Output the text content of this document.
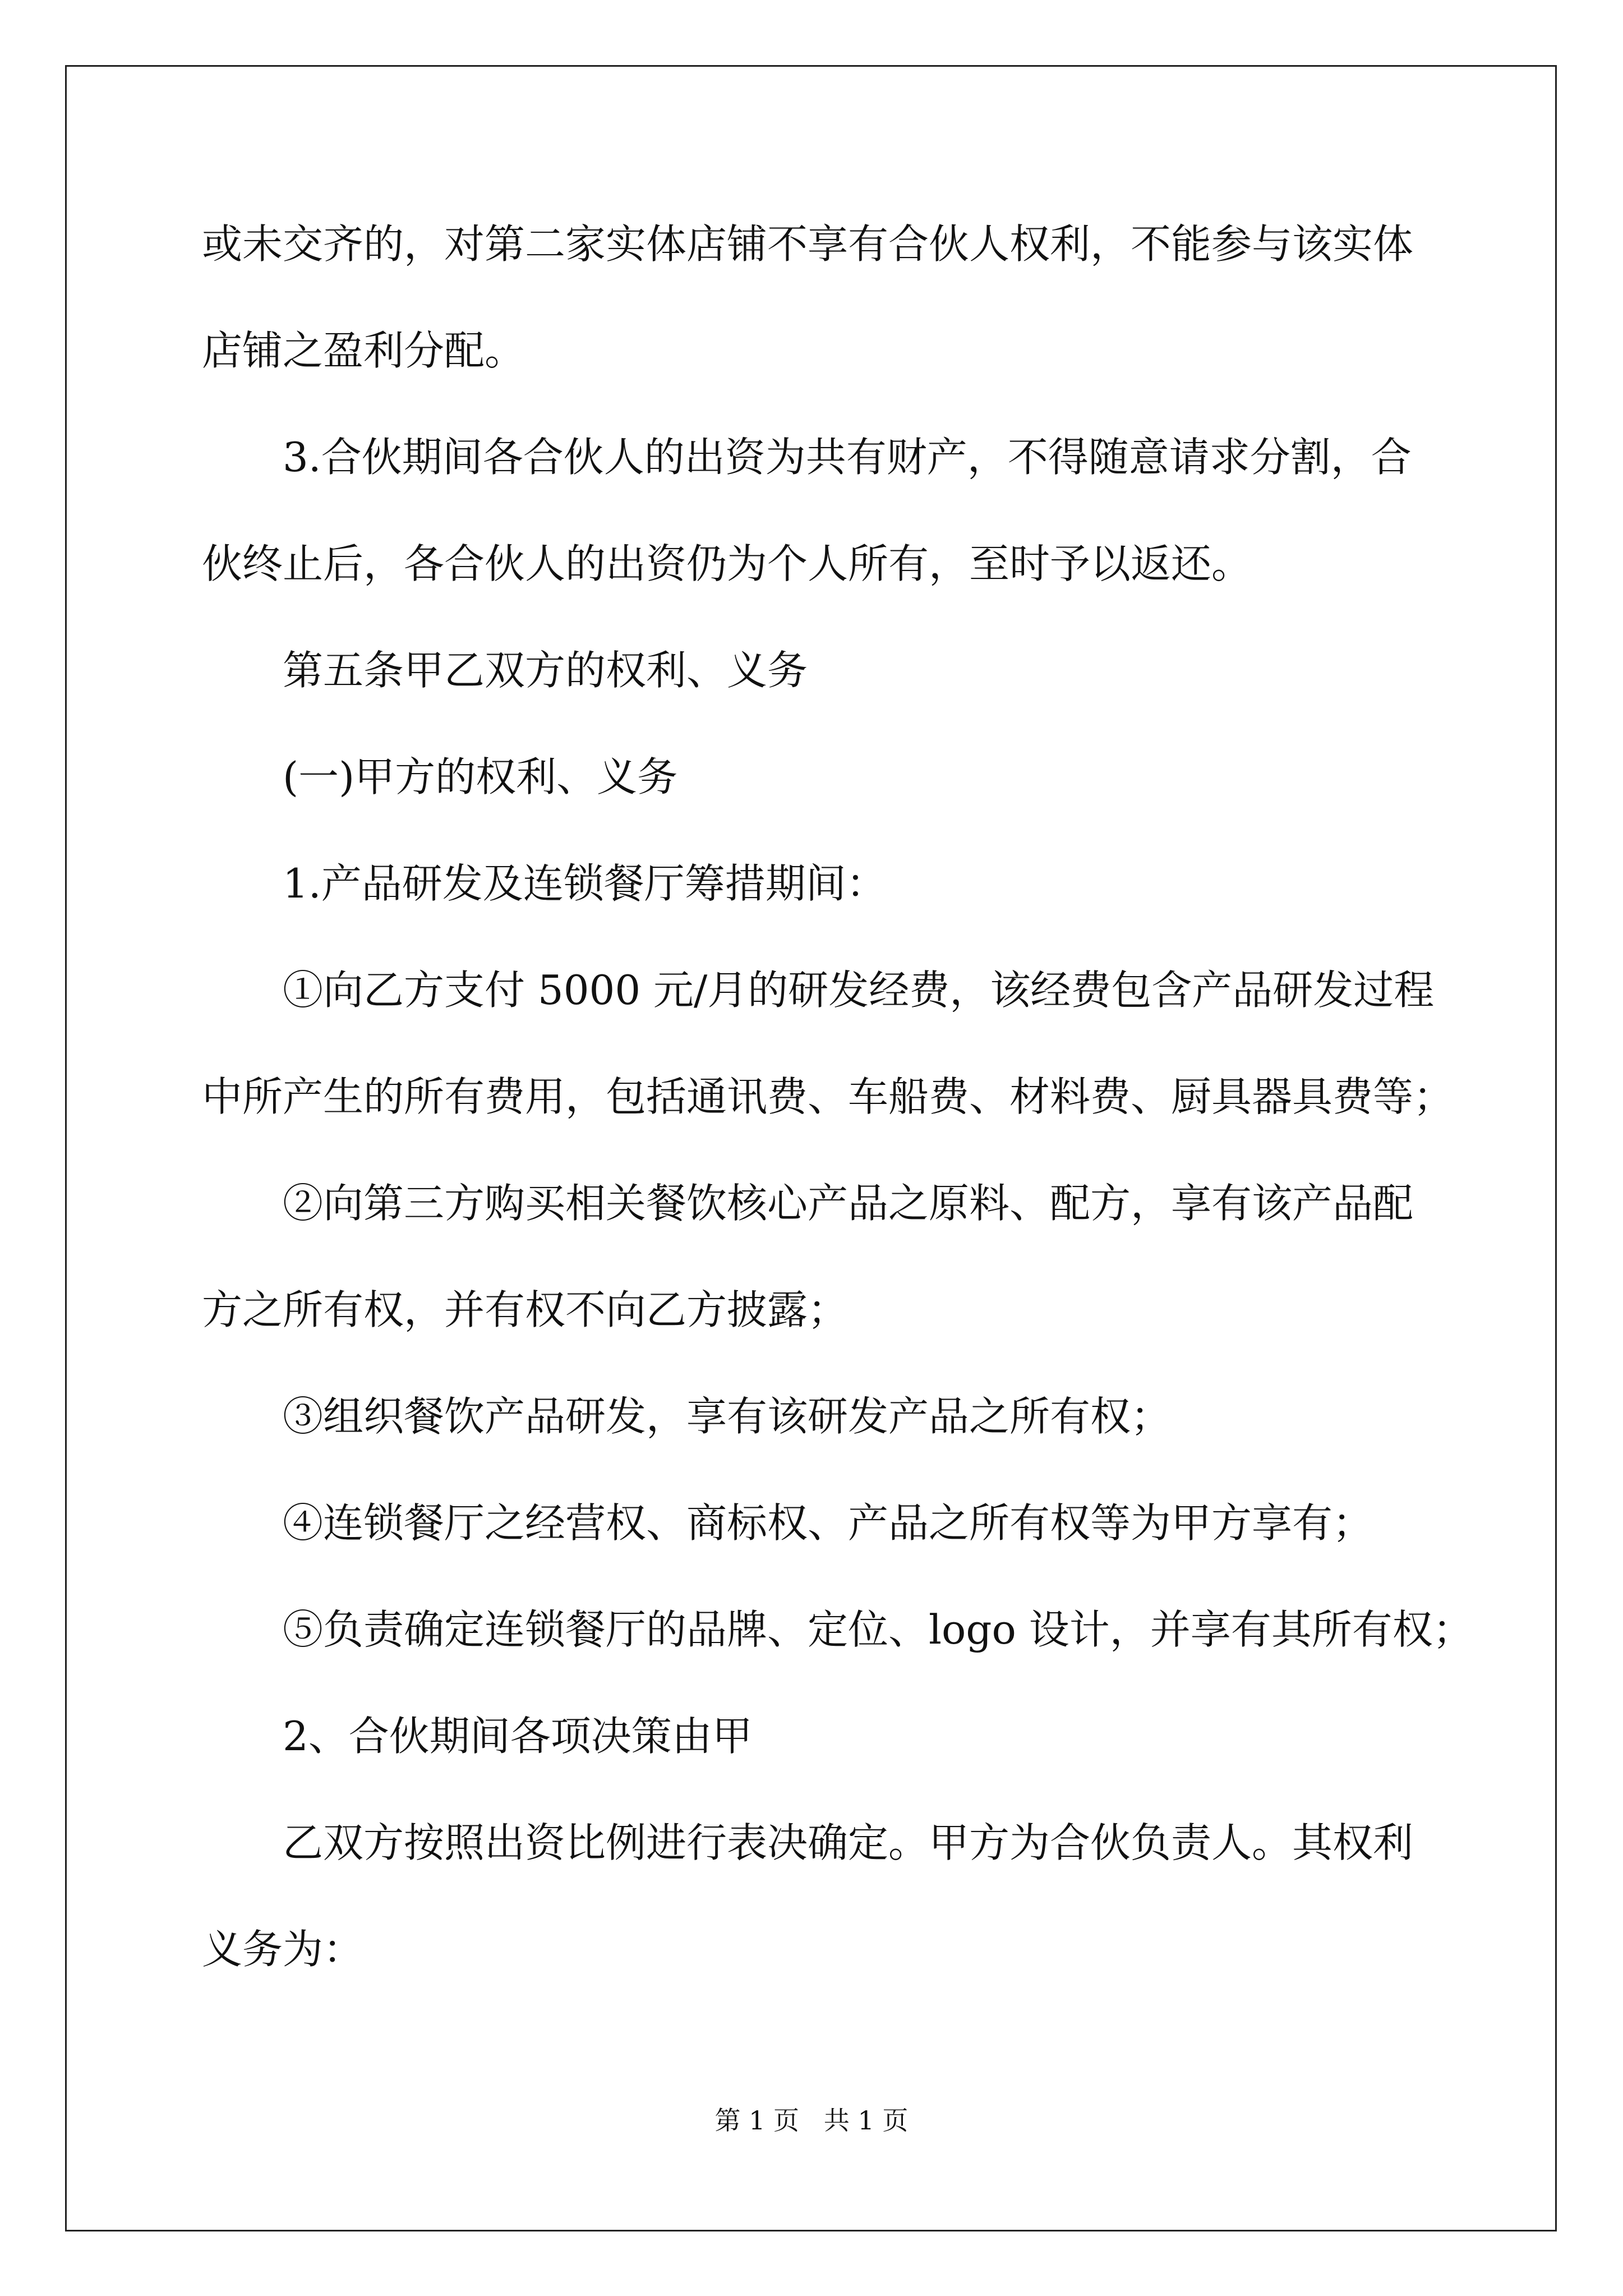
或未交齐的，对第二家实体店铺不享有合伙人权利，不能参与该实体
店铺之盈利分配。
3.合伙期间各合伙人的出资为共有财产，不得随意请求分割，合
伙终止后，各合伙人的出资仍为个人所有，至时予以返还。
第五条甲乙双方的权利、义务
(一)甲方的权利、义务
1.产品研发及连锁餐厅筹措期间：
①向乙方支付 5000 元/月的研发经费，该经费包含产品研发过程
中所产生的所有费用，包括通讯费、车船费、材料费、厨具器具费等；
②向第三方购买相关餐饮核心产品之原料、配方，享有该产品配
方之所有权，并有权不向乙方披露；
③组织餐饮产品研发，享有该研发产品之所有权；
④连锁餐厅之经营权、商标权、产品之所有权等为甲方享有；
⑤负责确定连锁餐厅的品牌、定位、logo 设计，并享有其所有权；
2、合伙期间各项决策由甲
乙双方按照出资比例进行表决确定。甲方为合伙负责人。其权利
义务为：
第 1 页   共 1 页
